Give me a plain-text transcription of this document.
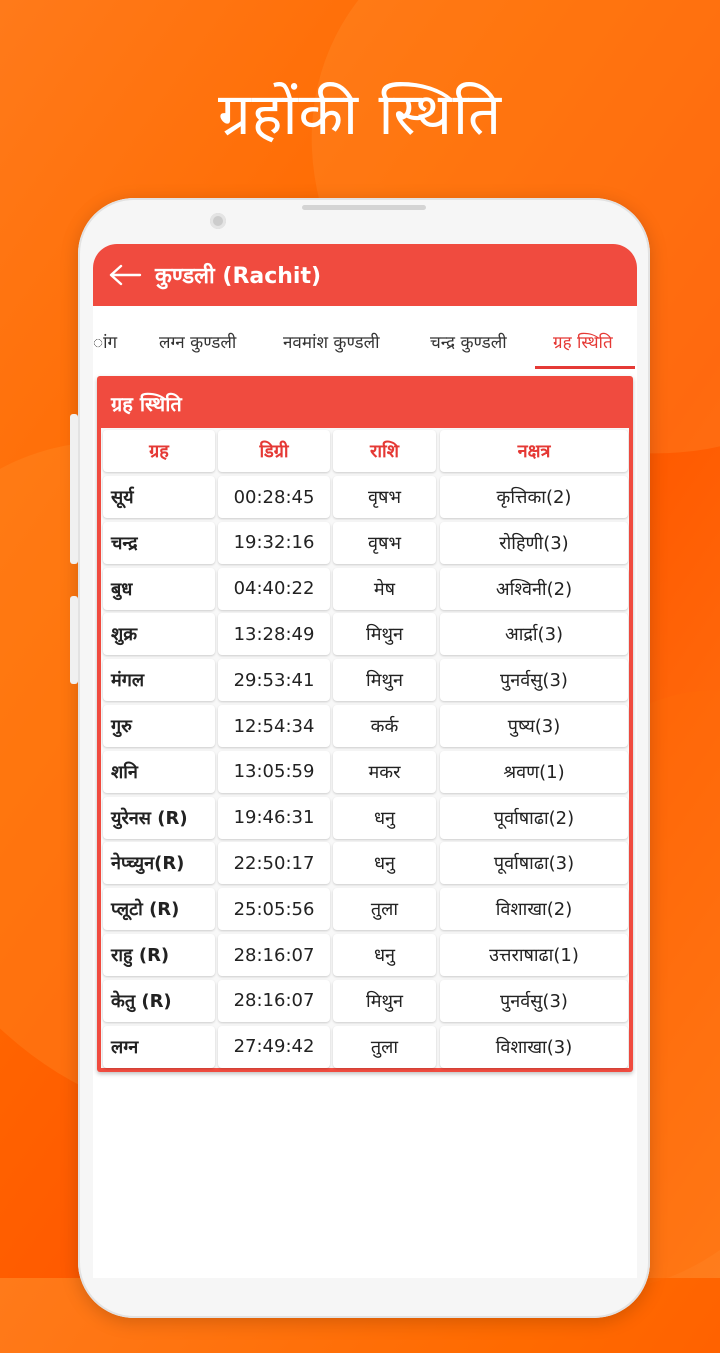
ग्रहोंकी स्थिति
कुण्डली (Rachit)
ांग लग्न कुण्डली	नवमांश कुण्डली	चन्द्र कुण्डली	ग्रह स्थिति
ग्रह स्थिति
ग्रह	डिग्री	राशि	नक्षत्र
सूर्य	00:28:45	वृषभ	कृत्तिका(2)
चन्द्र	19:32:16	वृषभ	रोहिणी(3)
बुध	04:40:22	मेष	अश्विनी(2)
शुक्र	13:28:49	मिथुन	आर्द्रा(3)
मंगल	29:53:41	मिथुन	पुनर्वसु(3)
गुरु	12:54:34	कर्क	पुष्य(3)
शनि	13:05:59	मकर	श्रवण(1)
युरेनस (R)	19:46:31	धनु	पूर्वाषाढा(2)
नेप्च्युन(R)	22:50:17	धनु	पूर्वाषाढा(3)
प्लूटो (R)	25:05:56	तुला	विशाखा(2)
राहु (R)	28:16:07	धनु	उत्तराषाढा(1)
केतु (R)	28:16:07	मिथुन	पुनर्वसु(3)
लग्न	27:49:42	तुला	विशाखा(3)
